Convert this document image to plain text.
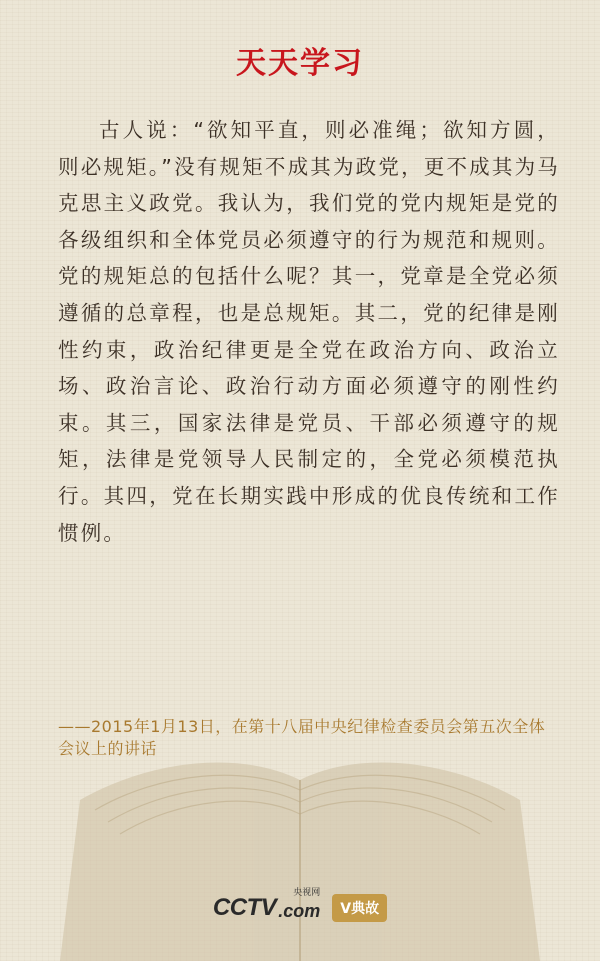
天天学习

古人说：“欲知平直，则必准绳；欲知方圆，则必规矩。”没有规矩不成其为政党，更不成其为马克思主义政党。我认为，我们党的党内规矩是党的各级组织和全体党员必须遵守的行为规范和规则。党的规矩总的包括什么呢？其一，党章是全党必须遵循的总章程，也是总规矩。其二，党的纪律是刚性约束，政治纪律更是全党在政治方向、政治立场、政治言论、政治行动方面必须遵守的刚性约束。其三，国家法律是党员、干部必须遵守的规矩，法律是党领导人民制定的，全党必须模范执行。其四，党在长期实践中形成的优良传统和工作惯例。

——2015年1月13日，在第十八届中央纪律检查委员会第五次全体会议上的讲话

CCTV .com
央视网
V典故
